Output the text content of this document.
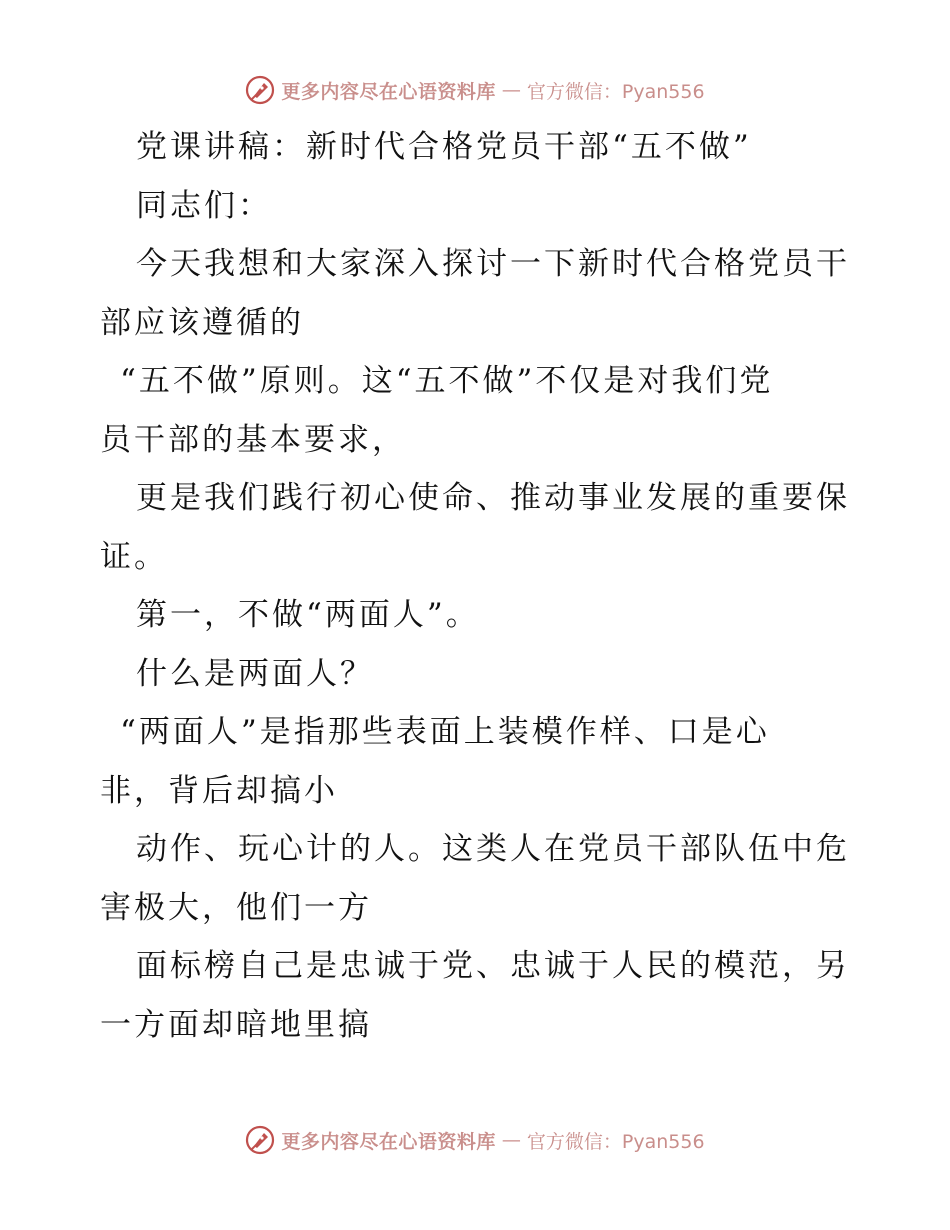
更多内容尽在心语资料库 — 官方微信：Pyan556
党课讲稿：新时代合格党员干部“五不做”
同志们：
今天我想和大家深入探讨一下新时代合格党员干
部应该遵循的
“五不做”原则。这“五不做”不仅是对我们党
员干部的基本要求，
更是我们践行初心使命、推动事业发展的重要保
证。
第一，不做“两面人”。
什么是两面人？
“两面人”是指那些表面上装模作样、口是心
非，背后却搞小
动作、玩心计的人。这类人在党员干部队伍中危
害极大，他们一方
面标榜自己是忠诚于党、忠诚于人民的模范，另
一方面却暗地里搞
更多内容尽在心语资料库 — 官方微信：Pyan556
